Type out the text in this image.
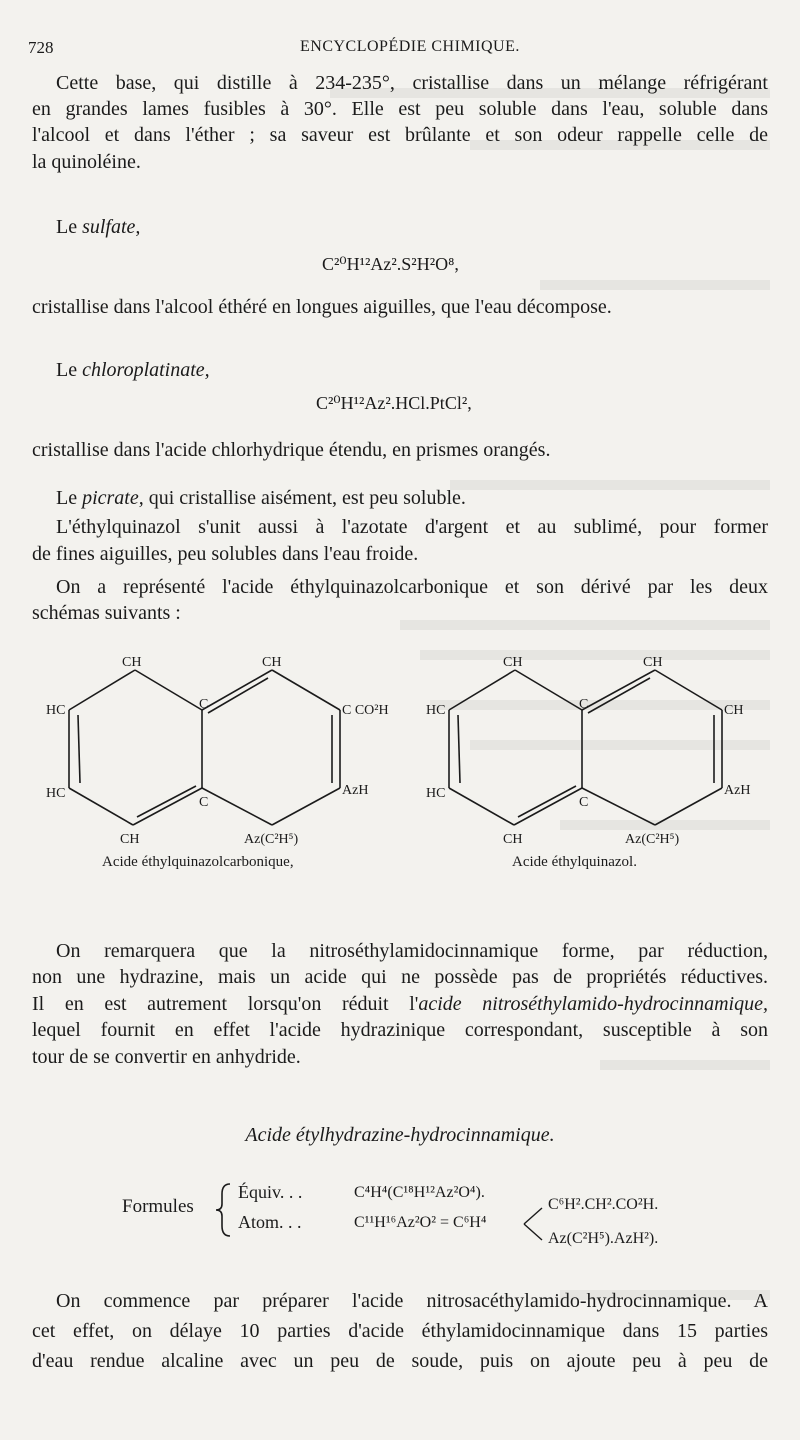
728	ENCYCLOPÉDIE CHIMIQUE.
Cette base, qui distille à 234-235°, cristallise dans un mélange réfrigérant
en grandes lames fusibles à 30°. Elle est peu soluble dans l'eau, soluble dans
l'alcool et dans l'éther ; sa saveur est brûlante et son odeur rappelle celle de
la quinoléine.
Le sulfate,
C²⁰H¹²Az².S²H²O⁸,
cristallise dans l'alcool éthéré en longues aiguilles, que l'eau décompose.
Le chloroplatinate,
C²⁰H¹²Az².HCl.PtCl²,
cristallise dans l'acide chlorhydrique étendu, en prismes orangés.
Le picrate, qui cristallise aisément, est peu soluble.
L'éthylquinazol s'unit aussi à l'azotate d'argent et au sublimé, pour former
de fines aiguilles, peu solubles dans l'eau froide.
On a représenté l'acide éthylquinazolcarbonique et son dérivé par les deux
schémas suivants :
CH	CH
HC	C	C CO²H
HC
C
AzH
CH	Az(C²H⁵)
CH	CH
HC	C	CH
HC
C
AzH
CH	Az(C²H⁵)
Acide éthylquinazolcarbonique,	Acide éthylquinazol.
On remarquera que la nitroséthylamidocinnamique forme, par réduction,
non une hydrazine, mais un acide qui ne possède pas de propriétés réductives.
Il en est autrement lorsqu'on réduit l'acide nitroséthylamido-hydrocinnamique,
lequel fournit en effet l'acide hydrazinique correspondant, susceptible à son
tour de se convertir en anhydride.
Acide étylhydrazine-hydrocinnamique.
Formules
Équiv. . .	C⁴H⁴(C¹⁸H¹²Az²O⁴).
Atom. . .	C¹¹H¹⁶Az²O² = C⁶H⁴
C⁶H².CH².CO²H.
Az(C²H⁵).AzH²).
On commence par préparer l'acide nitrosacéthylamido-hydrocinnamique. A
cet effet, on délaye 10 parties d'acide éthylamidocinnamique dans 15 parties
d'eau rendue alcaline avec un peu de soude, puis on ajoute peu à peu de
